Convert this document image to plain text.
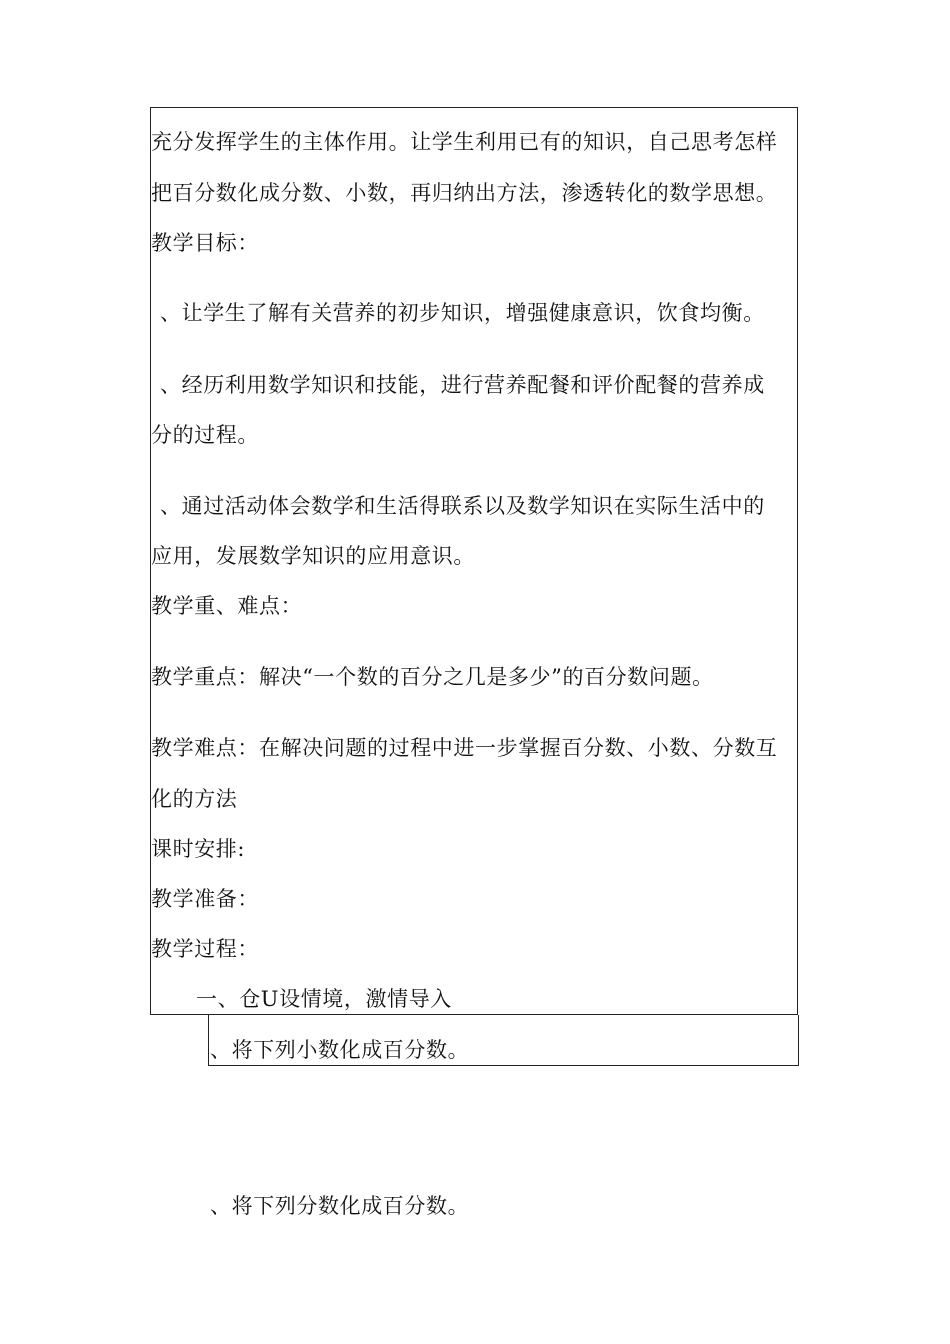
充分发挥学生的主体作用。让学生利用已有的知识，自己思考怎样
把百分数化成分数、小数，再归纳出方法，渗透转化的数学思想。
教学目标：
、让学生了解有关营养的初步知识，增强健康意识，饮食均衡。
、经历利用数学知识和技能，进行营养配餐和评价配餐的营养成
分的过程。
、通过活动体会数学和生活得联系以及数学知识在实际生活中的
应用，发展数学知识的应用意识。
教学重、难点：
教学重点：解决“一个数的百分之几是多少”的百分数问题。
教学难点：在解决问题的过程中进一步掌握百分数、小数、分数互
化的方法
课时安排:
教学准备：
教学过程：
一、仓U设情境，激情导入
、将下列小数化成百分数。
、将下列分数化成百分数。
